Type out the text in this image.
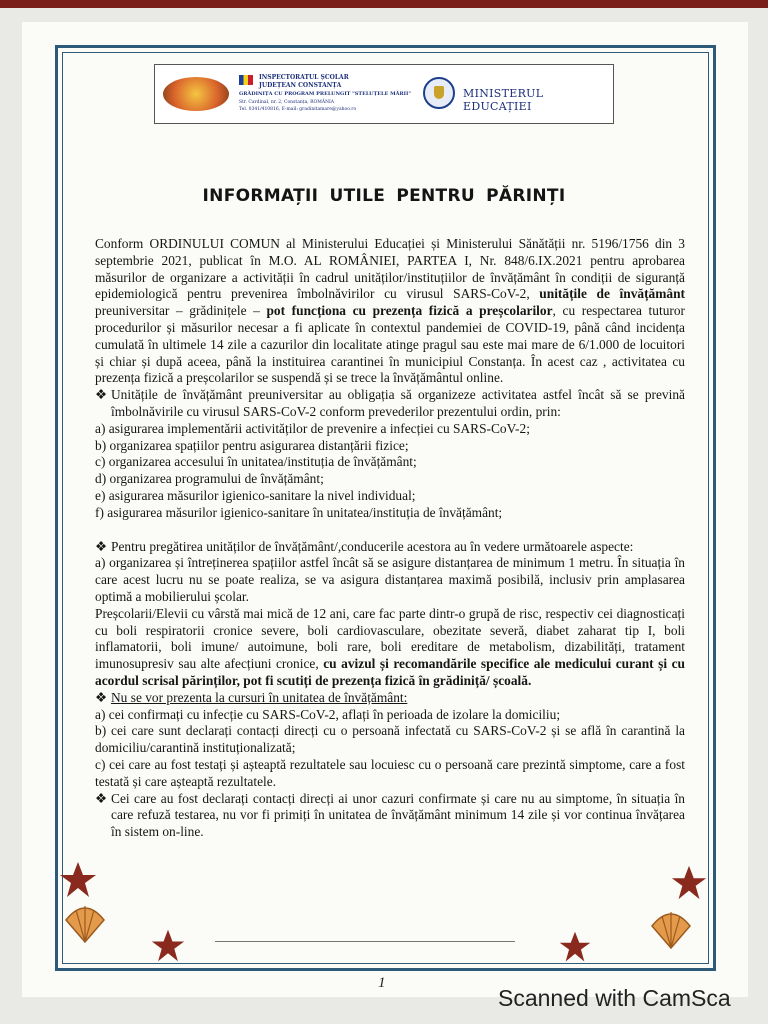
INSPECTORATUL ȘCOLAR
JUDEȚEAN CONSTANȚA
GRĂDINIȚA CU PROGRAM PRELUNGIT "STELUȚELE MĂRII"
Str. Cardinal, nr. 2, Constanța, ROMÂNIA
Tel. 0341/410816, E-mail: gradinitamare@yahoo.ro
MINISTERUL EDUCAȚIEI
INFORMAȚII UTILE PENTRU PĂRINȚI

Conform ORDINULUI COMUN al Ministerului Educației și Ministerului Sănătății nr. 5196/1756 din 3 septembrie 2021, publicat în M.O. AL ROMÂNIEI, PARTEA I, Nr. 848/6.IX.2021 pentru aprobarea măsurilor de organizare a activității în cadrul unităților/instituțiilor de învățământ în condiții de siguranță epidemiologică pentru prevenirea îmbolnăvirilor cu virusul SARS-CoV-2, unitățile de învățământ preuniversitar – grădinițele – pot funcționa cu prezența fizică a preșcolarilor, cu respectarea tuturor procedurilor și măsurilor necesar a fi aplicate în contextul pandemiei de COVID-19, până când incidența cumulată în ultimele 14 zile a cazurilor din localitate atinge pragul sau este mai mare de 6/1.000 de locuitori și chiar și după aceea, până la instituirea carantinei în municipiul Constanța. În acest caz , activitatea cu prezența fizică a preșcolarilor se suspendă și se trece la învățământul online.

❖ Unitățile de învățământ preuniversitar au obligația să organizeze activitatea astfel încât să se prevină îmbolnăvirile cu virusul SARS-CoV-2 conform prevederilor prezentului ordin, prin:

a) asigurarea implementării activităților de prevenire a infecției cu SARS-CoV-2;

b) organizarea spațiilor pentru asigurarea distanțării fizice;

c) organizarea accesului în unitatea/instituția de învățământ;

d) organizarea programului de învățământ;

e) asigurarea măsurilor igienico-sanitare la nivel individual;

f) asigurarea măsurilor igienico-sanitare în unitatea/instituția de învățământ;

❖ Pentru pregătirea unităților de învățământ/,conducerile acestora au în vedere următoarele aspecte:

a) organizarea și întreținerea spațiilor astfel încât să se asigure distanțarea de minimum 1 metru. În situația în care acest lucru nu se poate realiza, se va asigura distanțarea maximă posibilă, inclusiv prin amplasarea optimă a mobilierului școlar.

Preșcolarii/Elevii cu vârstă mai mică de 12 ani, care fac parte dintr-o grupă de risc, respectiv cei diagnosticați cu boli respiratorii cronice severe, boli cardiovasculare, obezitate severă, diabet zaharat tip I, boli inflamatorii, boli imune/ autoimune, boli rare, boli ereditare de metabolism, dizabilități, tratament imunosupresiv sau alte afecțiuni cronice, cu avizul și recomandările specifice ale medicului curant și cu acordul scrisal părinților, pot fi scutiți de prezența fizică în grădiniță/ școală.

❖ Nu se vor prezenta la cursuri în unitatea de învățământ:

a) cei confirmați cu infecție cu SARS-CoV-2, aflați în perioada de izolare la domiciliu;

b) cei care sunt declarați contacți direcți cu o persoană infectată cu SARS-CoV-2 și se află în carantină la domiciliu/carantină instituționalizată;

c) cei care au fost testați și așteaptă rezultatele sau locuiesc cu o persoană care prezintă simptome, care a fost testată și care așteaptă rezultatele.

❖ Cei care au fost declarați contacți direcți ai unor cazuri confirmate și care nu au simptome, în situația în care refuză testarea, nu vor fi primiți în unitatea de învățământ minimum 14 zile și vor continua învățarea în sistem on-line.

1
Scanned with CamSca
